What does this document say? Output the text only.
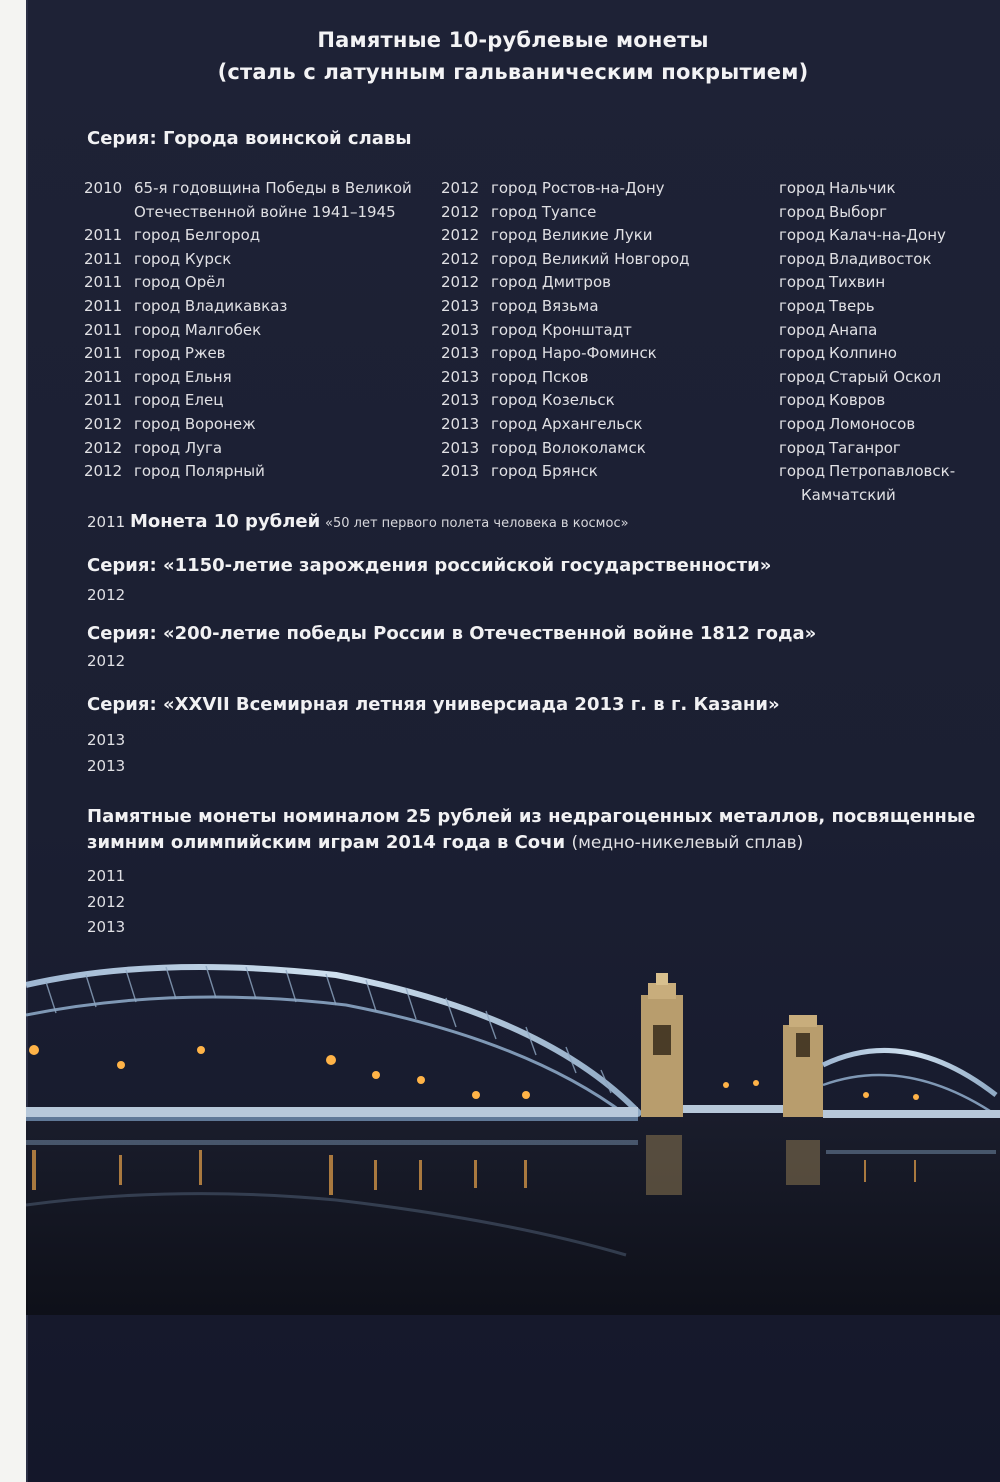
Памятные 10-рублевые монеты
(сталь с латунным гальваническим покрытием)
Серия: Города воинской славы
2010 65-я годовщина Победы в Великой
Отечественной войне 1941–1945
2011 город Белгород
2011 город Курск
2011 город Орёл
2011 город Владикавказ
2011 город Малгобек
2011 город Ржев
2011 город Ельня
2011 город Елец
2012 город Воронеж
2012 город Луга
2012 город Полярный
2012 город Ростов-на-Дону
2012 город Туапсе
2012 город Великие Луки
2012 город Великий Новгород
2012 город Дмитров
2013 город Вязьма
2013 город Кронштадт
2013 город Наро-Фоминск
2013 город Псков
2013 город Козельск
2013 город Архангельск
2013 город Волоколамск
2013 город Брянск
город Нальчик
город Выборг
город Калач-на-Дону
город Владивосток
город Тихвин
город Тверь
город Анапа
город Колпино
город Старый Оскол
город Ковров
город Ломоносов
город Таганрог
город Петропавловск-
Камчатский
2011 Монета 10 рублей «50 лет первого полета человека в космос»
Серия: «1150-летие зарождения российской государственности»
2012
Серия: «200-летие победы России в Отечественной войне 1812 года»
2012
Серия: «XXVII Всемирная летняя универсиада 2013 г. в г. Казани»
2013
2013
Памятные монеты номиналом 25 рублей из недрагоценных металлов, посвященные
зимним олимпийским играм 2014 года в Сочи (медно-никелевый сплав)
2011
2012
2013
